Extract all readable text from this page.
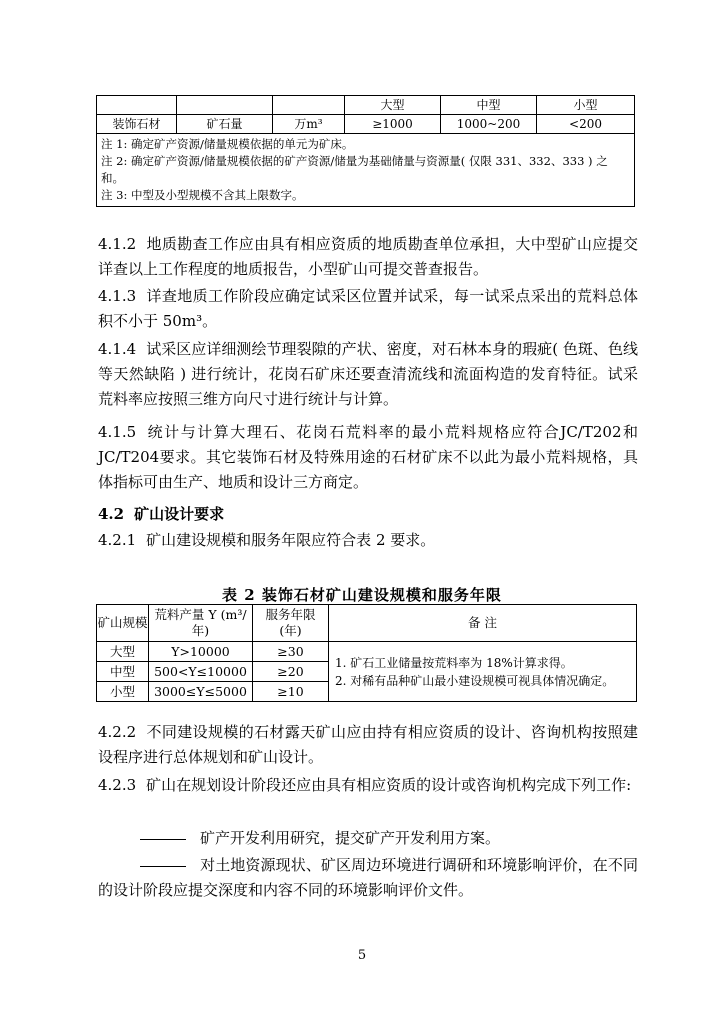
			大型	中型	小型
装饰石材	矿石量	万m³	≥1000	1000~200	<200

注 1: 确定矿产资源/储量规模依据的单元为矿床。
注 2: 确定矿产资源/储量规模依据的矿产资源/储量为基础储量与资源量( 仅限 331、332、333 ) 之和。
注 3: 中型及小型规模不含其上限数字。					
4.1.2 地质勘查工作应由具有相应资质的地质勘查单位承担，大中型矿山应提交详查以上工作程度的地质报告，小型矿山可提交普查报告。
4.1.3 详查地质工作阶段应确定试采区位置并试采，每一试采点采出的荒料总体积不小于 50m³。
4.1.4 试采区应详细测绘节理裂隙的产状、密度，对石林本身的瑕疵( 色斑、色线等天然缺陷 ) 进行统计，花岗石矿床还要查清流线和流面构造的发育特征。试采荒料率应按照三维方向尺寸进行统计与计算。
4.1.5 统计与计算大理石、花岗石荒料率的最小荒料规格应符合JC/T202和JC/T204要求。其它装饰石材及特殊用途的石材矿床不以此为最小荒料规格，具体指标可由生产、地质和设计三方商定。
4.2 矿山设计要求
4.2.1 矿山建设规模和服务年限应符合表 2 要求。
表 2 装饰石材矿山建设规模和服务年限
矿山规模	荒料产量 Y (m³/年)	服务年限 (年)	备 注
大型	Y>10000	≥30	1. 矿石工业储量按荒料率为 18%计算求得。
2. 对稀有品种矿山最小建设规模可视具体情况确定。

中型	500<Y≤10000	≥20	
小型	3000≤Y≤5000	≥10	
4.2.2 不同建设规模的石材露天矿山应由持有相应资质的设计、咨询机构按照建设程序进行总体规划和矿山设计。
4.2.3 矿山在规划设计阶段还应由具有相应资质的设计或咨询机构完成下列工作:
矿产开发利用研究，提交矿产开发利用方案。
对土地资源现状、矿区周边环境进行调研和环境影响评价，在不同的设计阶段应提交深度和内容不同的环境影响评价文件。
5
